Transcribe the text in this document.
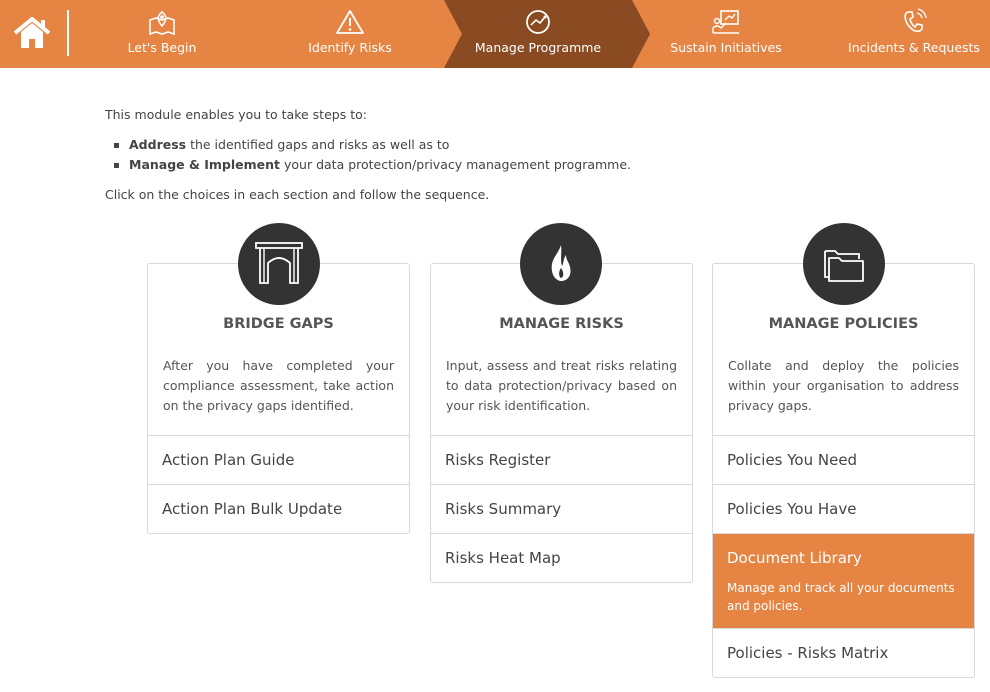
Let's Begin	Identify Risks	Manage Programme	Sustain Initiatives	Incidents & Requests

This module enables you to take steps to:

Address the identified gaps and risks as well as to
Manage & Implement your data protection/privacy management programme.

Click on the choices in each section and follow the sequence.

BRIDGE GAPS
After you have completed your compliance assessment, take action on the privacy gaps identified.
Action Plan Guide
Action Plan Bulk Update
MANAGE RISKS
Input, assess and treat risks relating to data protection/privacy based on your risk identification.
Risks Register
Risks Summary
Risks Heat Map
MANAGE POLICIES
Collate and deploy the policies within your organisation to address privacy gaps.
Policies You Need
Policies You Have
Document Library
Manage and track all your documents and policies.
Policies - Risks Matrix
